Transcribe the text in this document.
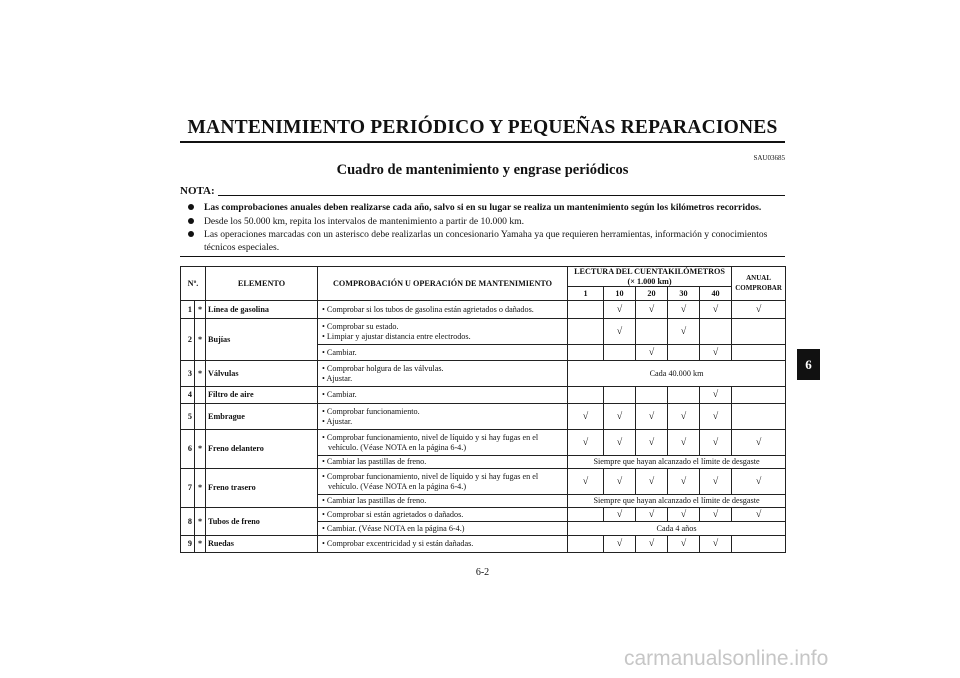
MANTENIMIENTO PERIÓDICO Y PEQUEÑAS REPARACIONES
SAU03685
Cuadro de mantenimiento y engrase periódicos
NOTA:
Las comprobaciones anuales deben realizarse cada año, salvo si en su lugar se realiza un mantenimiento según los kilómetros recorridos.
Desde los 50.000 km, repita los intervalos de mantenimiento a partir de 10.000 km.
Las operaciones marcadas con un asterisco debe realizarlas un concesionario Yamaha ya que requieren herramientas, información y conocimientos técnicos especiales.
Nº.		ELEMENTO	COMPROBACIÓN U OPERACIÓN DE MANTENIMIENTO	LECTURA DEL CUENTAKILÓMETROS
(× 1.000 km)					ANUAL COMPROBAR
				1	10	20	30	40	
1	*	Línea de gasolina	• Comprobar si los tubos de gasolina están agrietados o dañados.		√	√	√	√	√
2	*	Bujías	• Comprobar su estado.
• Limpiar y ajustar distancia entre electrodos.		√		√		
			• Cambiar.			√		√	
3	*	Válvulas	• Comprobar holgura de las válvulas.
• Ajustar.	Cada 40.000 km					
4		Filtro de aire	• Cambiar.					√	
5		Embrague	• Comprobar funcionamiento.
• Ajustar.	√	√	√	√	√	
6	*	Freno delantero	• Comprobar funcionamiento, nivel de líquido y si hay fugas en el vehículo. (Véase NOTA en la página 6-4.)	√	√	√	√	√	√
			• Cambiar las pastillas de freno.	Siempre que hayan alcanzado el límite de desgaste					
7	*	Freno trasero	• Comprobar funcionamiento, nivel de líquido y si hay fugas en el vehículo. (Véase NOTA en la página 6-4.)	√	√	√	√	√	√
			• Cambiar las pastillas de freno.	Siempre que hayan alcanzado el límite de desgaste					
8	*	Tubos de freno	• Comprobar si están agrietados o dañados.		√	√	√	√	√
			• Cambiar. (Véase NOTA en la página 6-4.)	Cada 4 años					
9	*	Ruedas	• Comprobar excentricidad y si están dañadas.		√	√	√	√	
6
6-2
carmanualsonline.info
